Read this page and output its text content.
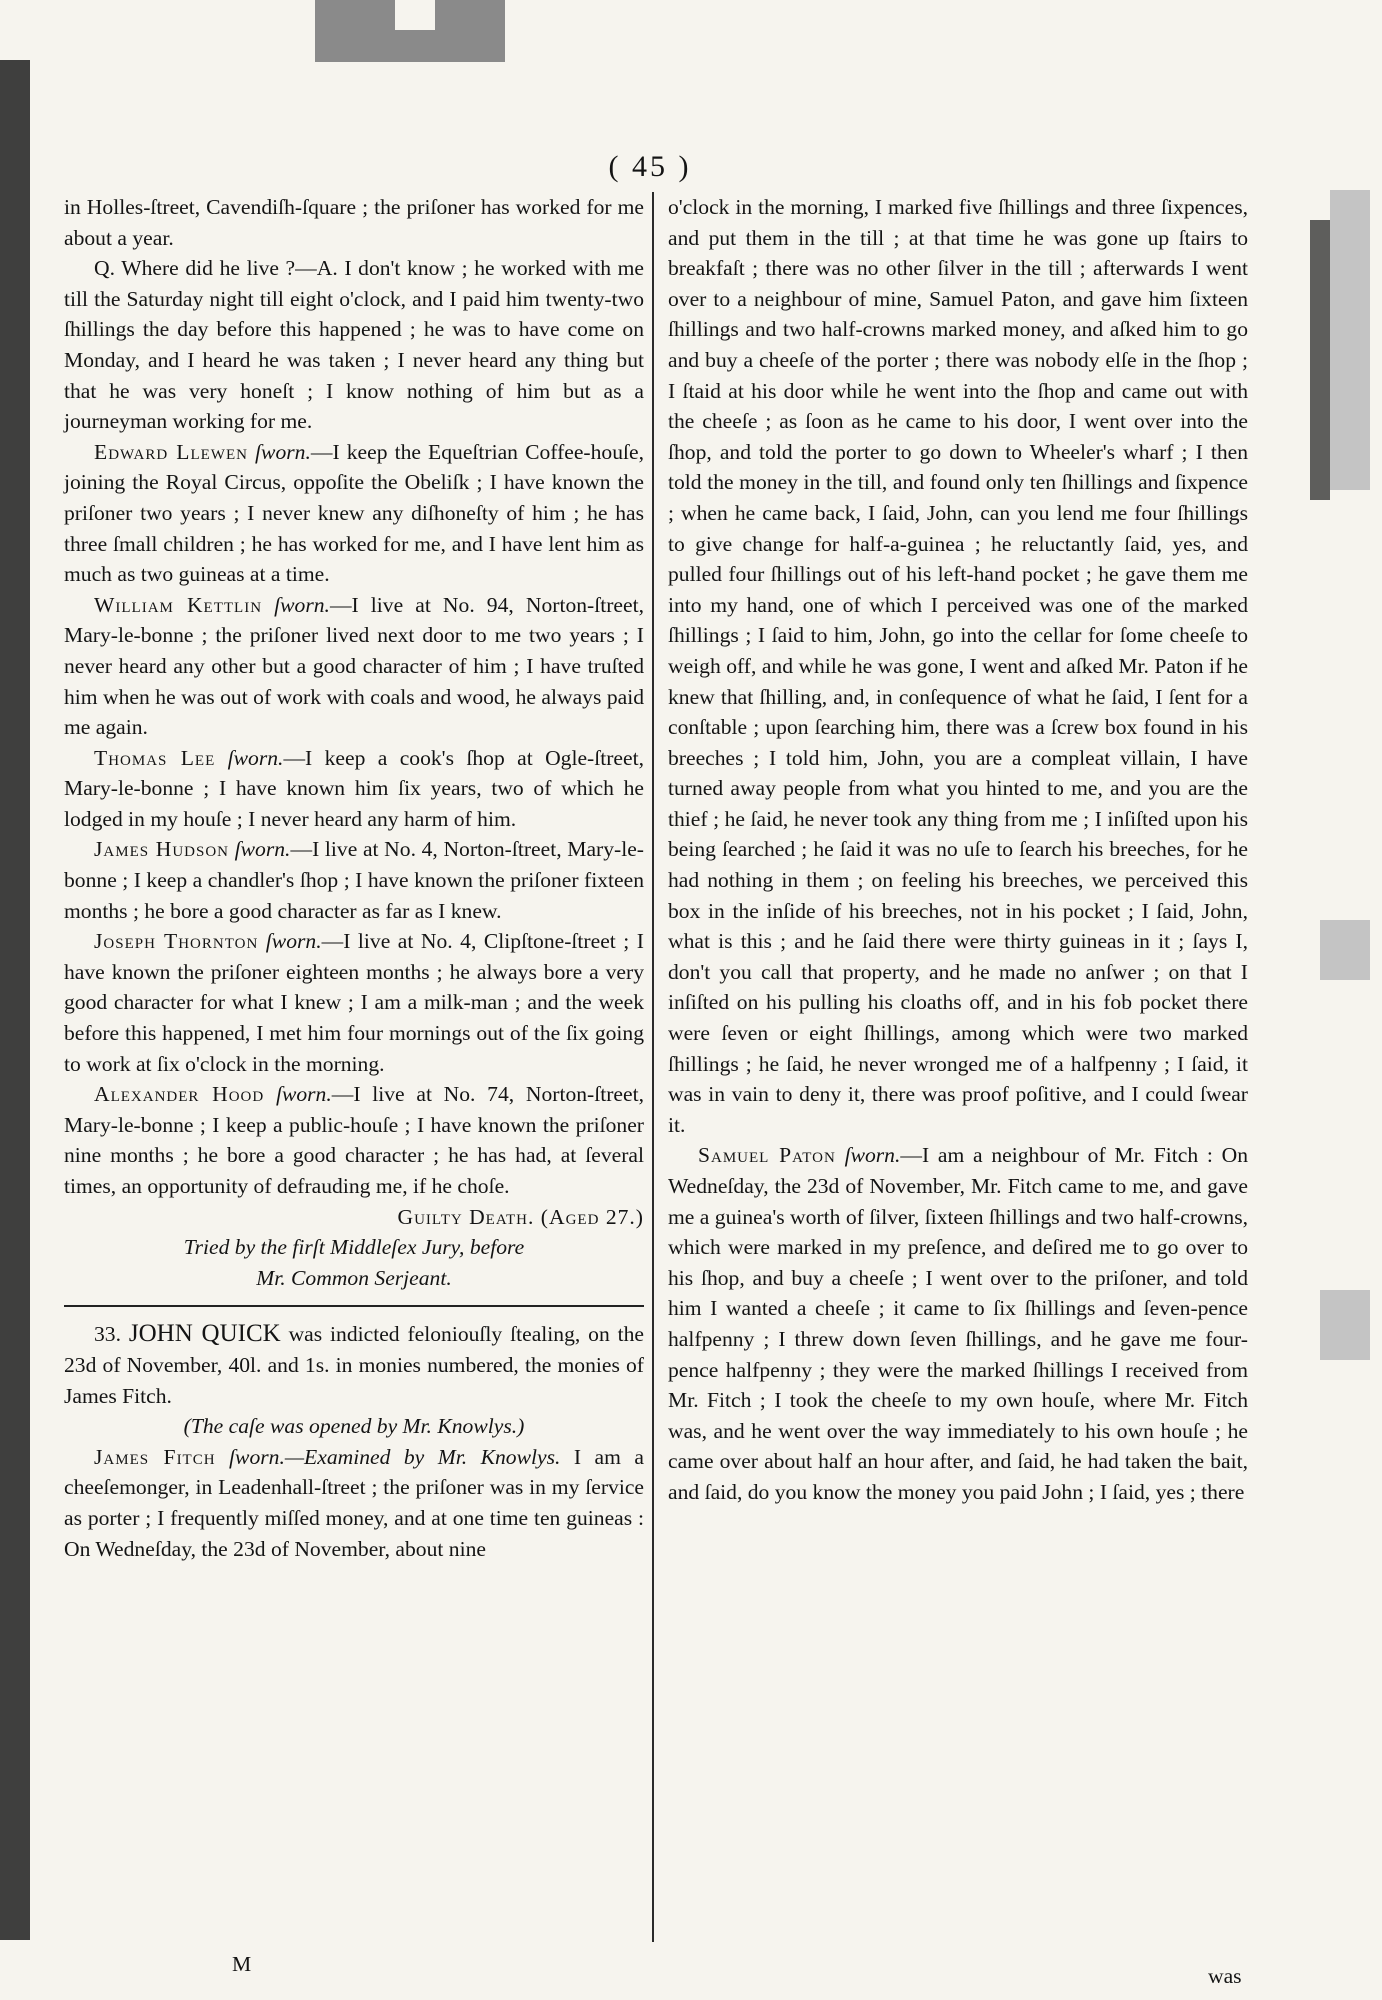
( 45 )

in Holles-ſtreet, Cavendiſh-ſquare ; the priſoner has worked for me about a year.

Q. Where did he live ?—A. I don't know ; he worked with me till the Saturday night till eight o'clock, and I paid him twenty-two ſhillings the day before this happened ; he was to have come on Monday, and I heard he was taken ; I never heard any thing but that he was very honeſt ; I know nothing of him but as a journeyman working for me.

Edward Llewen ſworn.—I keep the Equeſtrian Coffee-houſe, joining the Royal Circus, oppoſite the Obeliſk ; I have known the priſoner two years ; I never knew any diſhoneſty of him ; he has three ſmall children ; he has worked for me, and I have lent him as much as two guineas at a time.

William Kettlin ſworn.—I live at No. 94, Norton-ſtreet, Mary-le-bonne ; the priſoner lived next door to me two years ; I never heard any other but a good character of him ; I have truſted him when he was out of work with coals and wood, he always paid me again.

Thomas Lee ſworn.—I keep a cook's ſhop at Ogle-ſtreet, Mary-le-bonne ; I have known him ſix years, two of which he lodged in my houſe ; I never heard any harm of him.

James Hudson ſworn.—I live at No. 4, Norton-ſtreet, Mary-le-bonne ; I keep a chandler's ſhop ; I have known the priſoner fixteen months ; he bore a good character as far as I knew.

Joseph Thornton ſworn.—I live at No. 4, Clipſtone-ſtreet ; I have known the priſoner eighteen months ; he always bore a very good character for what I knew ; I am a milk-man ; and the week before this happened, I met him four mornings out of the ſix going to work at ſix o'clock in the morning.

Alexander Hood ſworn.—I live at No. 74, Norton-ſtreet, Mary-le-bonne ; I keep a public-houſe ; I have known the priſoner nine months ; he bore a good character ; he has had, at ſeveral times, an opportunity of defrauding me, if he choſe.

Guilty Death. (Aged 27.)

Tried by the firſt Middleſex Jury, before

Mr. Common Serjeant.

33. JOHN QUICK was indicted feloniouſly ſtealing, on the 23d of November, 40l. and 1s. in monies numbered, the monies of James Fitch.

(The caſe was opened by Mr. Knowlys.)

James Fitch ſworn.—Examined by Mr. Knowlys. I am a cheeſemonger, in Leadenhall-ſtreet ; the priſoner was in my ſervice as porter ; I frequently miſſed money, and at one time ten guineas : On Wedneſday, the 23d of November, about nine

o'clock in the morning, I marked five ſhillings and three ſixpences, and put them in the till ; at that time he was gone up ſtairs to breakfaſt ; there was no other ſilver in the till ; afterwards I went over to a neighbour of mine, Samuel Paton, and gave him ſixteen ſhillings and two half-crowns marked money, and aſked him to go and buy a cheeſe of the porter ; there was nobody elſe in the ſhop ; I ſtaid at his door while he went into the ſhop and came out with the cheeſe ; as ſoon as he came to his door, I went over into the ſhop, and told the porter to go down to Wheeler's wharf ; I then told the money in the till, and found only ten ſhillings and ſixpence ; when he came back, I ſaid, John, can you lend me four ſhillings to give change for half-a-guinea ; he reluctantly ſaid, yes, and pulled four ſhillings out of his left-hand pocket ; he gave them me into my hand, one of which I perceived was one of the marked ſhillings ; I ſaid to him, John, go into the cellar for ſome cheeſe to weigh off, and while he was gone, I went and aſked Mr. Paton if he knew that ſhilling, and, in conſequence of what he ſaid, I ſent for a conſtable ; upon ſearching him, there was a ſcrew box found in his breeches ; I told him, John, you are a compleat villain, I have turned away people from what you hinted to me, and you are the thief ; he ſaid, he never took any thing from me ; I inſiſted upon his being ſearched ; he ſaid it was no uſe to ſearch his breeches, for he had nothing in them ; on feeling his breeches, we perceived this box in the inſide of his breeches, not in his pocket ; I ſaid, John, what is this ; and he ſaid there were thirty guineas in it ; ſays I, don't you call that property, and he made no anſwer ; on that I inſiſted on his pulling his cloaths off, and in his fob pocket there were ſeven or eight ſhillings, among which were two marked ſhillings ; he ſaid, he never wronged me of a halfpenny ; I ſaid, it was in vain to deny it, there was proof poſitive, and I could ſwear it.

Samuel Paton ſworn.—I am a neighbour of Mr. Fitch : On Wedneſday, the 23d of November, Mr. Fitch came to me, and gave me a guinea's worth of ſilver, ſixteen ſhillings and two half-crowns, which were marked in my preſence, and deſired me to go over to his ſhop, and buy a cheeſe ; I went over to the priſoner, and told him I wanted a cheeſe ; it came to ſix ſhillings and ſeven-pence halfpenny ; I threw down ſeven ſhillings, and he gave me four-pence halfpenny ; they were the marked ſhillings I received from Mr. Fitch ; I took the cheeſe to my own houſe, where Mr. Fitch was, and he went over the way immediately to his own houſe ; he came over about half an hour after, and ſaid, he had taken the bait, and ſaid, do you know the money you paid John ; I ſaid, yes ; there

M	was
